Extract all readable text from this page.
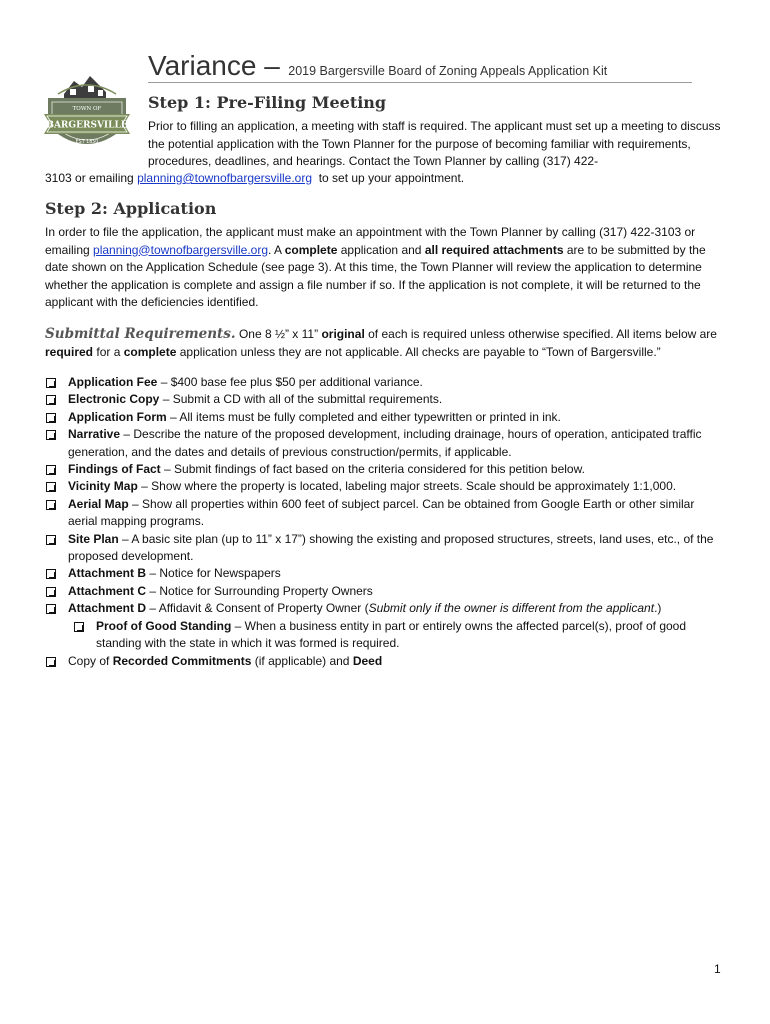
TOWN OF
BARGERSVILLE
EST 1850
Variance – 2019 Bargersville Board of Zoning Appeals Application Kit
Step 1: Pre-Filing Meeting

Prior to filling an application, a meeting with staff is required. The applicant must set up a meeting to discuss the potential application with the Town Planner for the purpose of becoming familiar with requirements, procedures, deadlines, and hearings. Contact the Town Planner by calling (317) 422-

3103 or emailing planning@townofbargersville.org to set up your appointment.

Step 2: Application

In order to file the application, the applicant must make an appointment with the Town Planner by calling (317) 422-3103 or emailing planning@townofbargersville.org. A complete application and all required attachments are to be submitted by the date shown on the Application Schedule (see page 3). At this time, the Town Planner will review the application to determine whether the application is complete and assign a file number if so. If the application is not complete, it will be returned to the applicant with the deficiencies identified.

Submittal Requirements. One 8 ½” x 11” original of each is required unless otherwise specified. All items below are required for a complete application unless they are not applicable. All checks are payable to “Town of Bargersville.”

Application Fee – $400 base fee plus $50 per additional variance.
Electronic Copy – Submit a CD with all of the submittal requirements.
Application Form – All items must be fully completed and either typewritten or printed in ink.
Narrative – Describe the nature of the proposed development, including drainage, hours of operation, anticipated traffic generation, and the dates and details of previous construction/permits, if applicable.
Findings of Fact – Submit findings of fact based on the criteria considered for this petition below.
Vicinity Map – Show where the property is located, labeling major streets. Scale should be approximately 1:1,000.
Aerial Map – Show all properties within 600 feet of subject parcel. Can be obtained from Google Earth or other similar aerial mapping programs.
Site Plan – A basic site plan (up to 11” x 17”) showing the existing and proposed structures, streets, land uses, etc., of the proposed development.
Attachment B – Notice for Newspapers
Attachment C – Notice for Surrounding Property Owners
Attachment D – Affidavit & Consent of Property Owner (Submit only if the owner is different from the applicant.)
Proof of Good Standing – When a business entity in part or entirely owns the affected parcel(s), proof of good standing with the state in which it was formed is required.
Copy of Recorded Commitments (if applicable) and Deed
1
